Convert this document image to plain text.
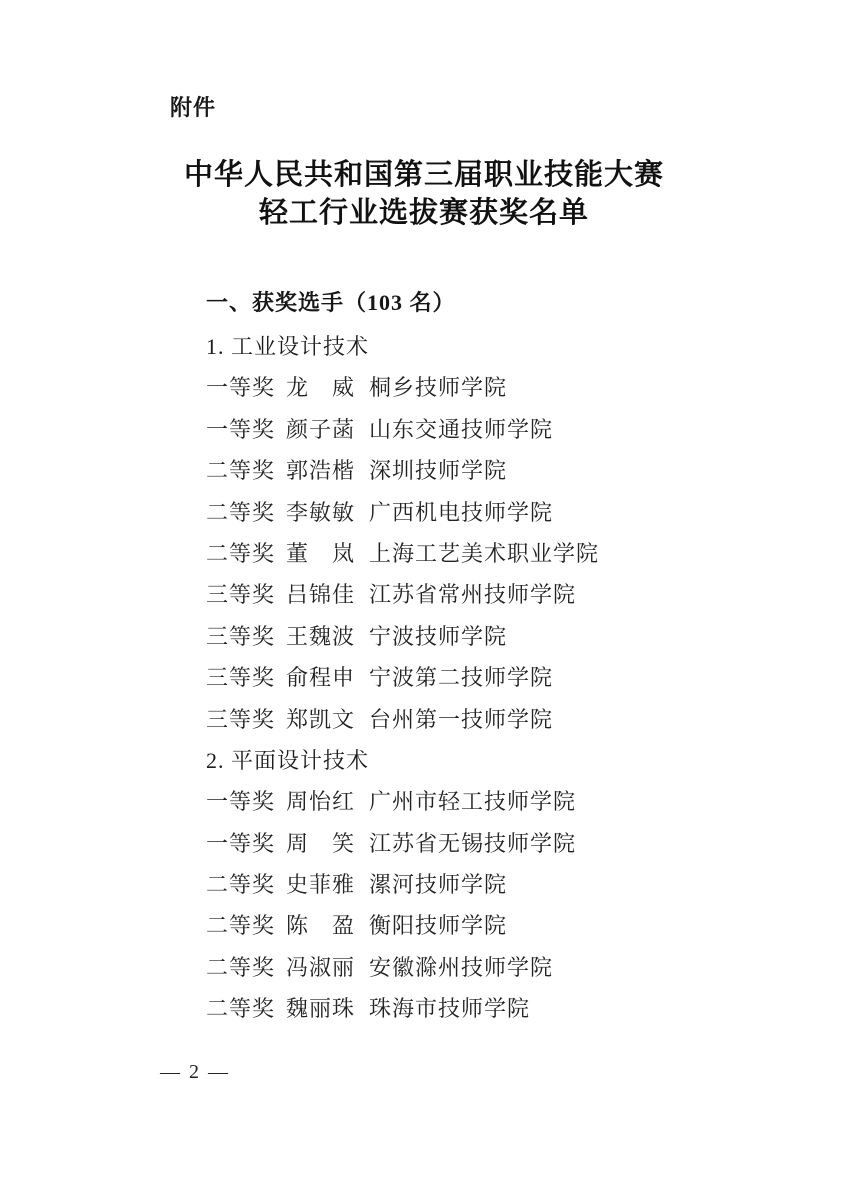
附件
中华人民共和国第三届职业技能大赛
轻工行业选拔赛获奖名单
一、获奖选手（103 名）
1. 工业设计技术
一等奖 龙　威 桐乡技师学院
一等奖 颜子菡 山东交通技师学院
二等奖 郭浩楷 深圳技师学院
二等奖 李敏敏 广西机电技师学院
二等奖 董　岚 上海工艺美术职业学院
三等奖 吕锦佳 江苏省常州技师学院
三等奖 王魏波 宁波技师学院
三等奖 俞程申 宁波第二技师学院
三等奖 郑凯文 台州第一技师学院
2. 平面设计技术
一等奖 周怡红 广州市轻工技师学院
一等奖 周　笑 江苏省无锡技师学院
二等奖 史菲雅 漯河技师学院
二等奖 陈　盈 衡阳技师学院
二等奖 冯淑丽 安徽滁州技师学院
二等奖 魏丽珠 珠海市技师学院
— 2 —
